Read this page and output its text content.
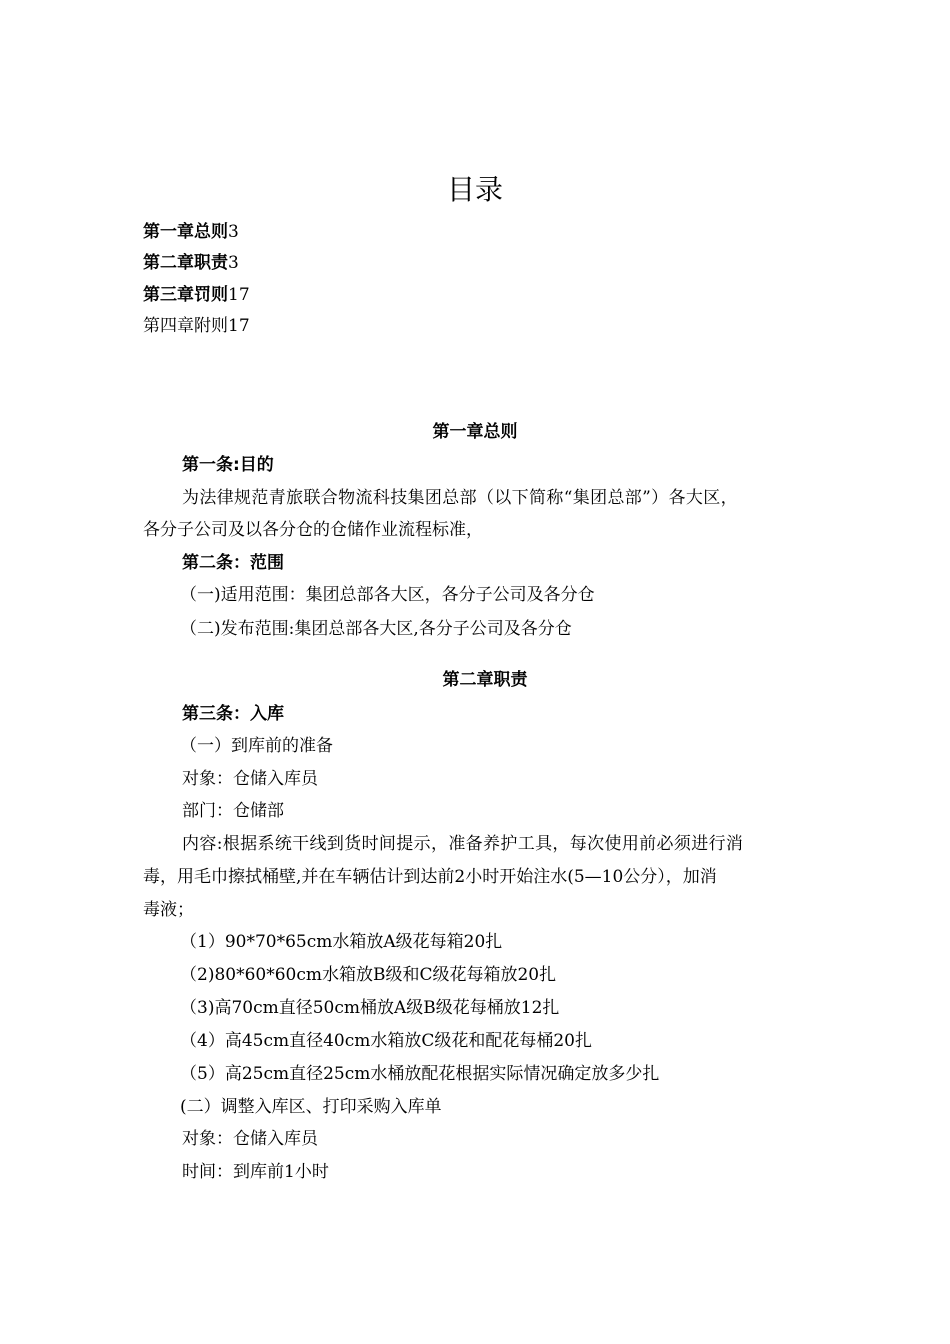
目录
第一章总则3
第二章职责3
第三章罚则17
第四章附则17
第一章总则
第一条:目的
为法律规范青旅联合物流科技集团总部（以下简称“集团总部”）各大区，
各分子公司及以各分仓的仓储作业流程标准，
第二条：范围
（一)适用范围：集团总部各大区，各分子公司及各分仓
（二)发布范围:集团总部各大区,各分子公司及各分仓
第二章职责
第三条：入库
（一）到库前的准备
对象：仓储入库员
部门：仓储部
内容:根据系统干线到货时间提示，准备养护工具，每次使用前必须进行消
毒，用毛巾擦拭桶壁,并在车辆估计到达前2小时开始注水(5—10公分），加消
毒液；
（1）90*70*65cm水箱放A级花每箱20扎
（2)80*60*60cm水箱放B级和C级花每箱放20扎
（3)高70cm直径50cm桶放A级B级花每桶放12扎
（4）高45cm直径40cm水箱放C级花和配花每桶20扎
（5）高25cm直径25cm水桶放配花根据实际情况确定放多少扎
(二）调整入库区、打印采购入库单
对象：仓储入库员
时间：到库前1小时
